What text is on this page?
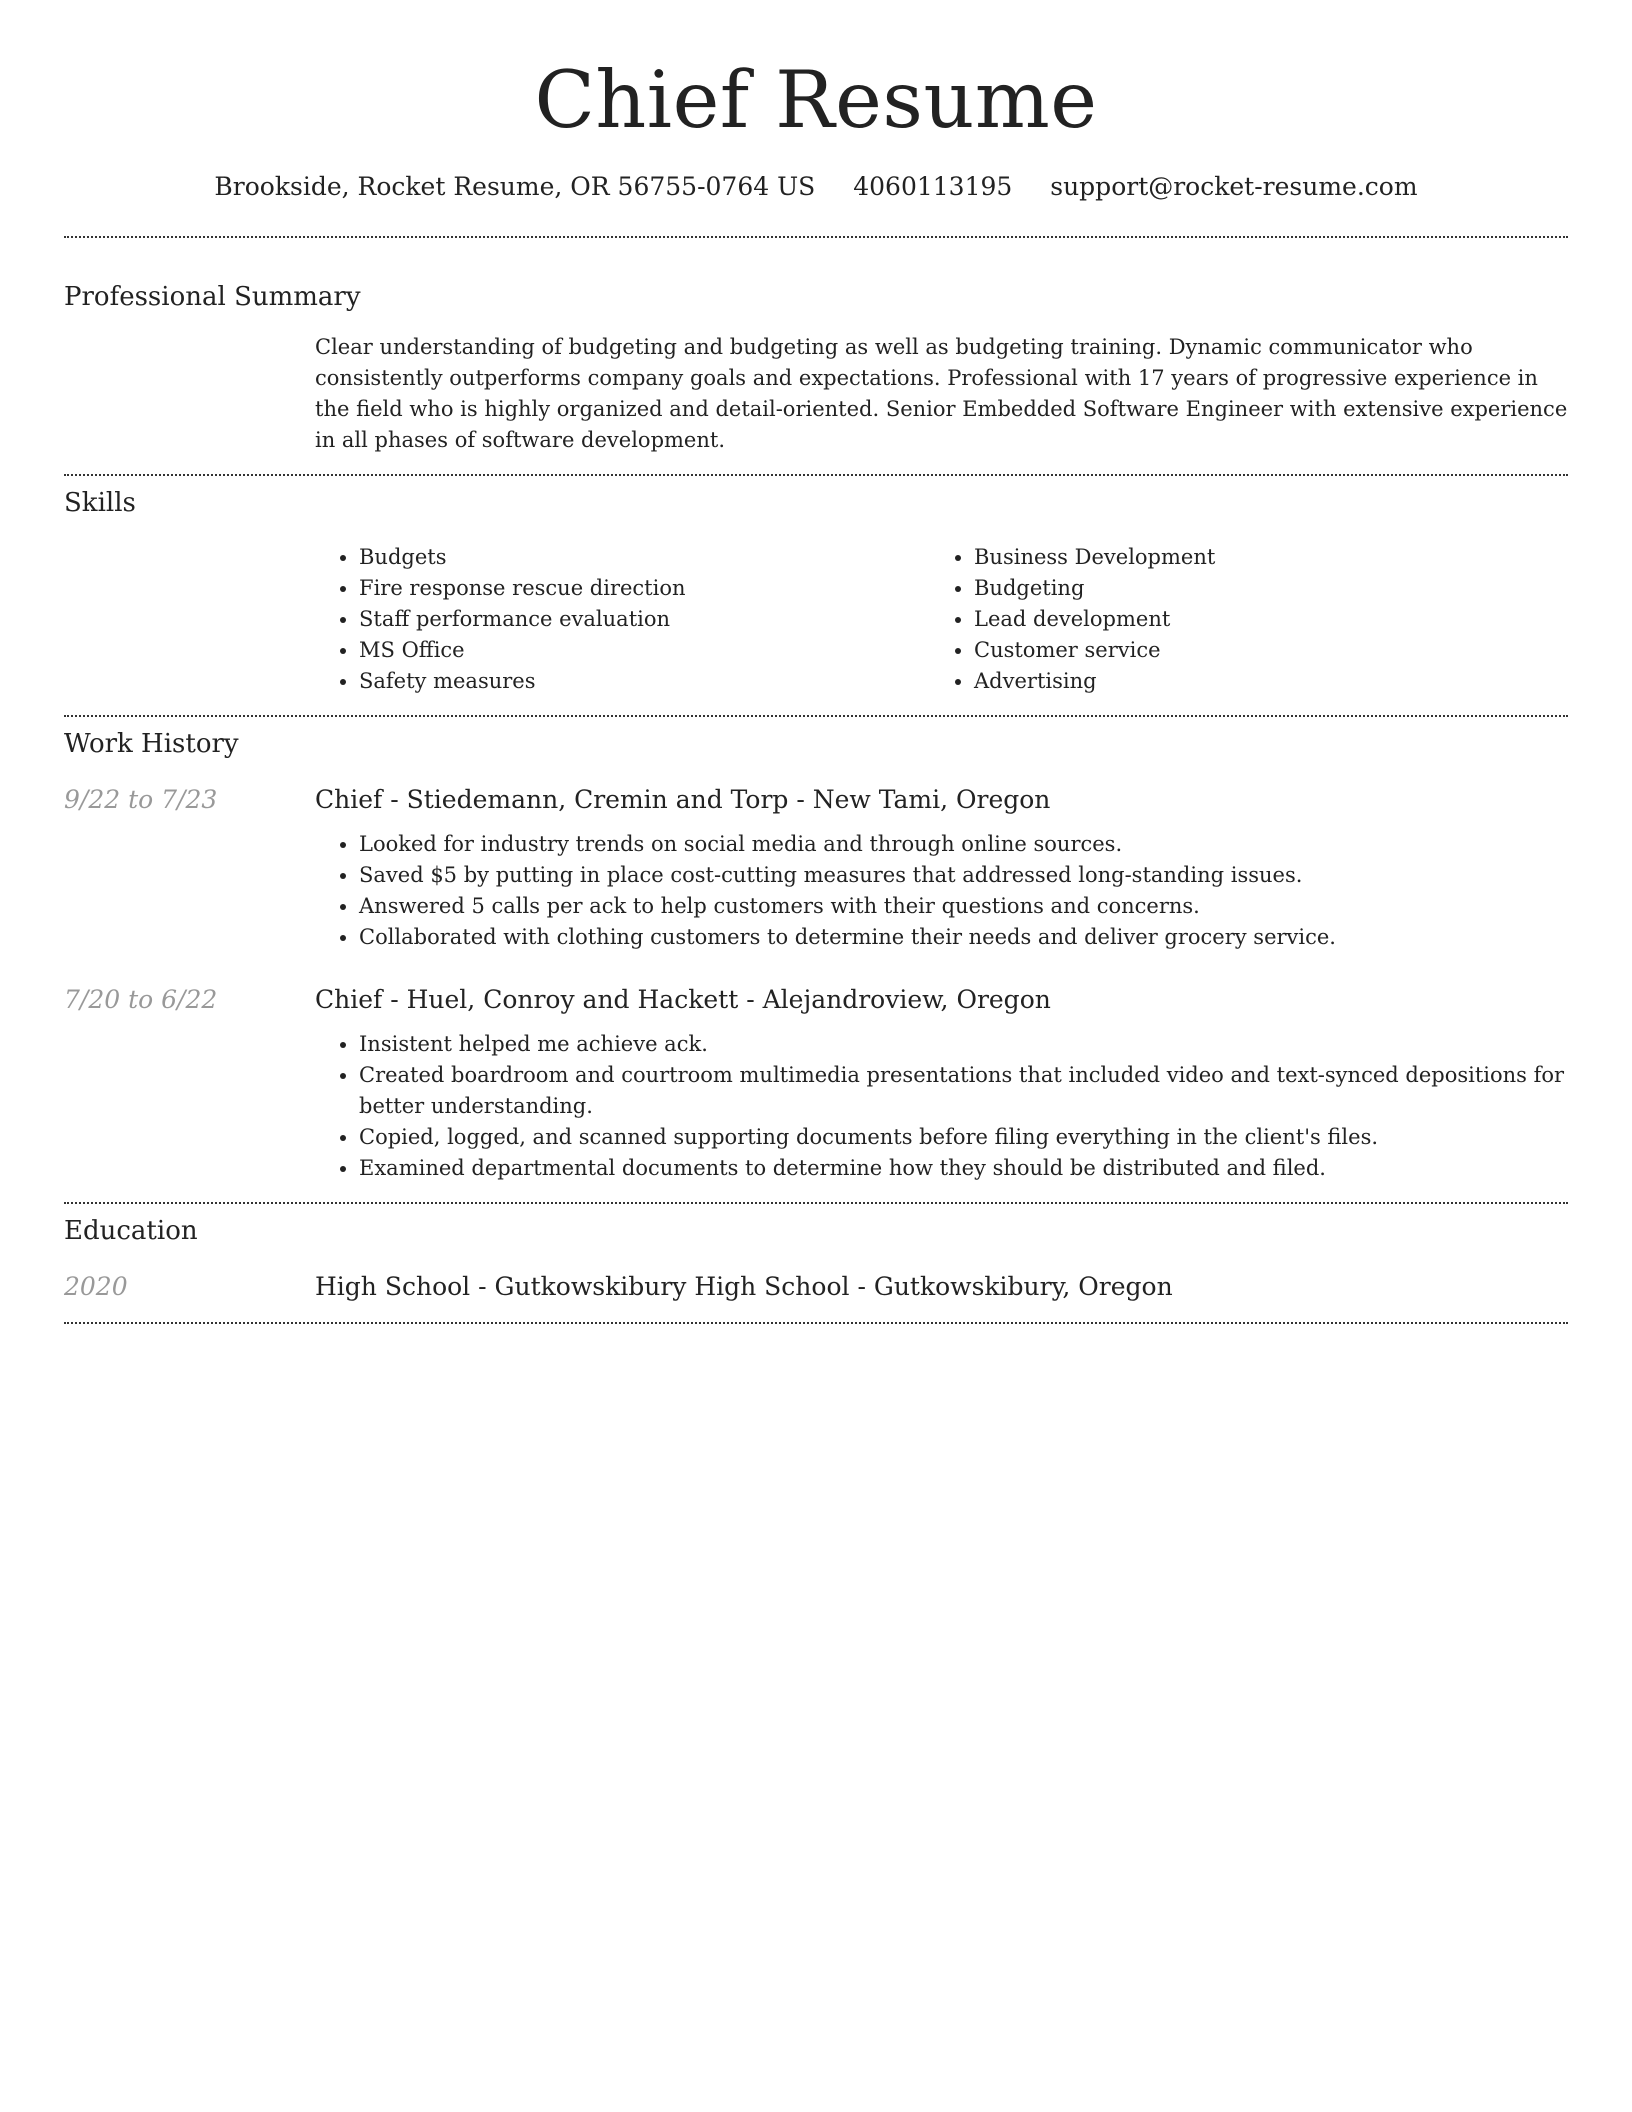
Chief Resume
Brookside, Rocket Resume, OR 56755-0764 US 4060113195 support@rocket-resume.com
Professional Summary
Clear understanding of budgeting and budgeting as well as budgeting training. Dynamic communicator who consistently outperforms company goals and expectations. Professional with 17 years of progressive experience in the field who is highly organized and detail-oriented. Senior Embedded Software Engineer with extensive experience in all phases of software development.
Skills
• Budgets
• Fire response rescue direction
• Staff performance evaluation
• MS Office
• Safety measures
• Business Development
• Budgeting
• Lead development
• Customer service
• Advertising
Work History
9/22 to 7/23	Chief - Stiedemann, Cremin and Torp - New Tami, Oregon
• Looked for industry trends on social media and through online sources.
• Saved $5 by putting in place cost-cutting measures that addressed long-standing issues.
• Answered 5 calls per ack to help customers with their questions and concerns.
• Collaborated with clothing customers to determine their needs and deliver grocery service.
7/20 to 6/22	Chief - Huel, Conroy and Hackett - Alejandroview, Oregon
• Insistent helped me achieve ack.
• Created boardroom and courtroom multimedia presentations that included video and text-synced depositions for better understanding.
• Copied, logged, and scanned supporting documents before filing everything in the client's files.
• Examined departmental documents to determine how they should be distributed and filed.
Education
2020	High School - Gutkowskibury High School - Gutkowskibury, Oregon
